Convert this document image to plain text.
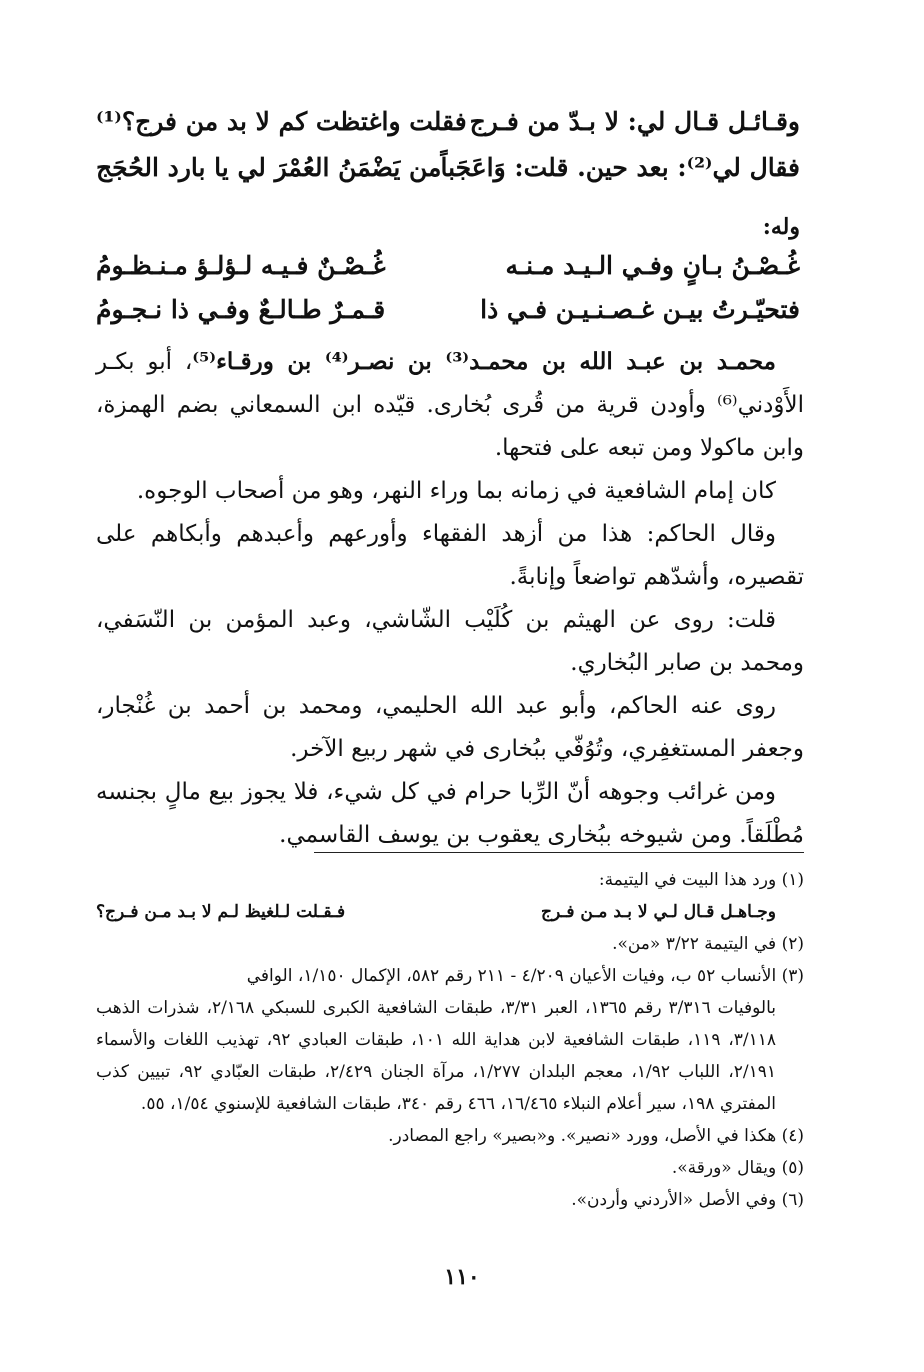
وقـائـل قـال لي: لا بـدّ من فـرج
فقلت واغتظت كم لا بد من فرج؟⁽¹⁾
فقال لي⁽²⁾: بعد حين. قلت: وَاعَجَباً
من يَضْمَنُ العُمْرَ لي يا بارد الحُجَج
وله:
غُـصْـنُ بـانٍ وفـي الـيـد مـنـه
غُـصْـنٌ فـيـه لـؤلـؤ مـنـظـومُ
فتحيّـرتُ بيـن غـصـنـيـن فـي ذا
قـمـرٌ طـالـعٌ وفـي ذا نـجـومُ

محمـد بن عبـد الله بن محمـد⁽³⁾ بن نصـر⁽⁴⁾ بن ورقـاء⁽⁵⁾، أبو بكـر الأَوْدني⁽⁶⁾ وأودن قرية من قُرى بُخارى. قيّده ابن السمعاني بضم الهمزة، وابن ماكولا ومن تبعه على فتحها.

كان إمام الشافعية في زمانه بما وراء النهر، وهو من أصحاب الوجوه.

وقال الحاكم: هذا من أزهد الفقهاء وأورعهم وأعبدهم وأبكاهم على تقصيره، وأشدّهم تواضعاً وإنابةً.

قلت: روى عن الهيثم بن كُلَيْب الشّاشي، وعبد المؤمن بن النّسَفي، ومحمد بن صابر البُخاري.

روى عنه الحاكم، وأبو عبد الله الحليمي، ومحمد بن أحمد بن غُنْجار، وجعفر المستغفِري، وتُوُفّي ببُخارى في شهر ربيع الآخر.

ومن غرائب وجوهه أنّ الرِّبا حرام في كل شيء، فلا يجوز بيع مالٍ بجنسه مُطْلَقاً. ومن شيوخه ببُخارى يعقوب بن يوسف القاسمي.

(١) ورد هذا البيت في اليتيمة:

وجـاهـل قـال لـي لا بـد مـن فـرج
فـقـلت لـلغيظ لـم لا بـد مـن فـرج؟

(٢) في اليتيمة ٣/٢٢ «من».

(٣) الأنساب ٥٢ ب، وفيات الأعيان ٤/٢٠٩ - ٢١١ رقم ٥٨٢، الإكمال ١/١٥٠، الوافي

بالوفيات ٣/٣١٦ رقم ١٣٦٥، العبر ٣/٣١، طبقات الشافعية الكبرى للسبكي ٢/١٦٨، شذرات الذهب ٣/١١٨، ١١٩، طبقات الشافعية لابن هداية الله ١٠١، طبقات العبادي ٩٢، تهذيب اللغات والأسماء ٢/١٩١، اللباب ١/٩٢، معجم البلدان ١/٢٧٧، مرآة الجنان ٢/٤٢٩، طبقات العبّادي ٩٢، تبيين كذب المفتري ١٩٨، سير أعلام النبلاء ١٦/٤٦٥، ٤٦٦ رقم ٣٤٠، طبقات الشافعية للإسنوي ١/٥٤، ٥٥.

(٤) هكذا في الأصل، وورد «نصير». و«بصير» راجع المصادر.

(٥) ويقال «ورقة».

(٦) وفي الأصل «الأردني وأردن».

١١٠
